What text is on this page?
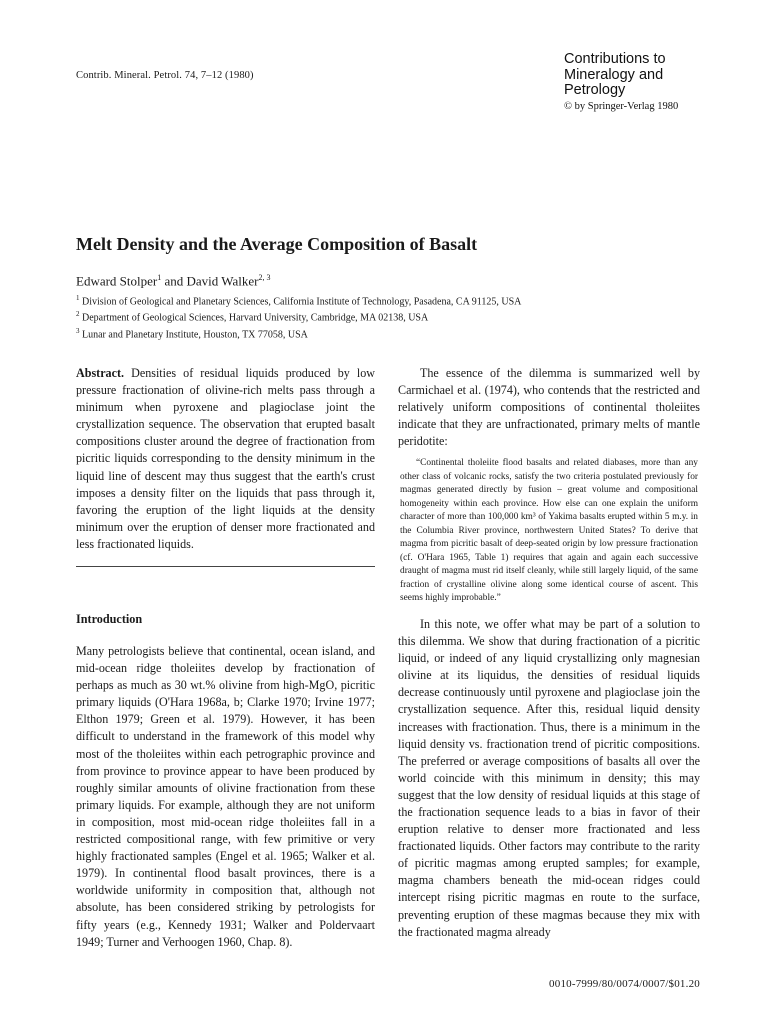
Contrib. Mineral. Petrol. 74, 7–12 (1980)
Contributions to
Mineralogy and
Petrology
© by Springer-Verlag 1980
Melt Density and the Average Composition of Basalt
Edward Stolper$^1$ and David Walker$^{2, 3}$
$^1$ Division of Geological and Planetary Sciences, California Institute of Technology, Pasadena, CA 91125, USA
$^2$ Department of Geological Sciences, Harvard University, Cambridge, MA 02138, USA
$^3$ Lunar and Planetary Institute, Houston, TX 77058, USA

Abstract. Densities of residual liquids produced by low pressure fractionation of olivine-rich melts pass through a minimum when pyroxene and plagioclase joint the crystallization sequence. The observation that erupted basalt compositions cluster around the degree of fractionation from picritic liquids corresponding to the density minimum in the liquid line of descent may thus suggest that the earth's crust imposes a density filter on the liquids that pass through it, favoring the eruption of the light liquids at the density minimum over the eruption of denser more fractionated and less fractionated liquids.

Introduction

Many petrologists believe that continental, ocean island, and mid-ocean ridge tholeiites develop by fractionation of perhaps as much as 30 wt.% olivine from high-MgO, picritic primary liquids (O'Hara 1968a, b; Clarke 1970; Irvine 1977; Elthon 1979; Green et al. 1979). However, it has been difficult to understand in the framework of this model why most of the tholeiites within each petrographic province and from province to province appear to have been produced by roughly similar amounts of olivine fractionation from these primary liquids. For example, although they are not uniform in composition, most mid-ocean ridge tholeiites fall in a restricted compositional range, with few primitive or very highly fractionated samples (Engel et al. 1965; Walker et al. 1979). In continental flood basalt provinces, there is a worldwide uniformity in composition that, although not absolute, has been considered striking by petrologists for fifty years (e.g., Kennedy 1931; Walker and Poldervaart 1949; Turner and Verhoogen 1960, Chap. 8).

The essence of the dilemma is summarized well by Carmichael et al. (1974), who contends that the restricted and relatively uniform compositions of continental tholeiites indicate that they are unfractionated, primary melts of mantle peridotite:

“Continental tholeiite flood basalts and related diabases, more than any other class of volcanic rocks, satisfy the two criteria postulated previously for magmas generated directly by fusion – great volume and compositional homogeneity within each province. How else can one explain the uniform character of more than 100,000 km³ of Yakima basalts erupted within 5 m.y. in the Columbia River province, northwestern United States? To derive that magma from picritic basalt of deep-seated origin by low pressure fractionation (cf. O'Hara 1965, Table 1) requires that again and again each successive draught of magma must rid itself cleanly, while still largely liquid, of the same fraction of crystalline olivine along some identical course of ascent. This seems highly improbable.”

In this note, we offer what may be part of a solution to this dilemma. We show that during fractionation of a picritic liquid, or indeed of any liquid crystallizing only magnesian olivine at its liquidus, the densities of residual liquids decrease continuously until pyroxene and plagioclase join the crystallization sequence. After this, residual liquid density increases with fractionation. Thus, there is a minimum in the liquid density vs. fractionation trend of picritic compositions. The preferred or average compositions of basalts all over the world coincide with this minimum in density; this may suggest that the low density of residual liquids at this stage of the fractionation sequence leads to a bias in favor of their eruption relative to denser more fractionated and less fractionated liquids. Other factors may contribute to the rarity of picritic magmas among erupted samples; for example, magma chambers beneath the mid-ocean ridges could intercept rising picritic magmas en route to the surface, preventing eruption of these magmas because they mix with the fractionated magma already

0010-7999/80/0074/0007/$01.20
